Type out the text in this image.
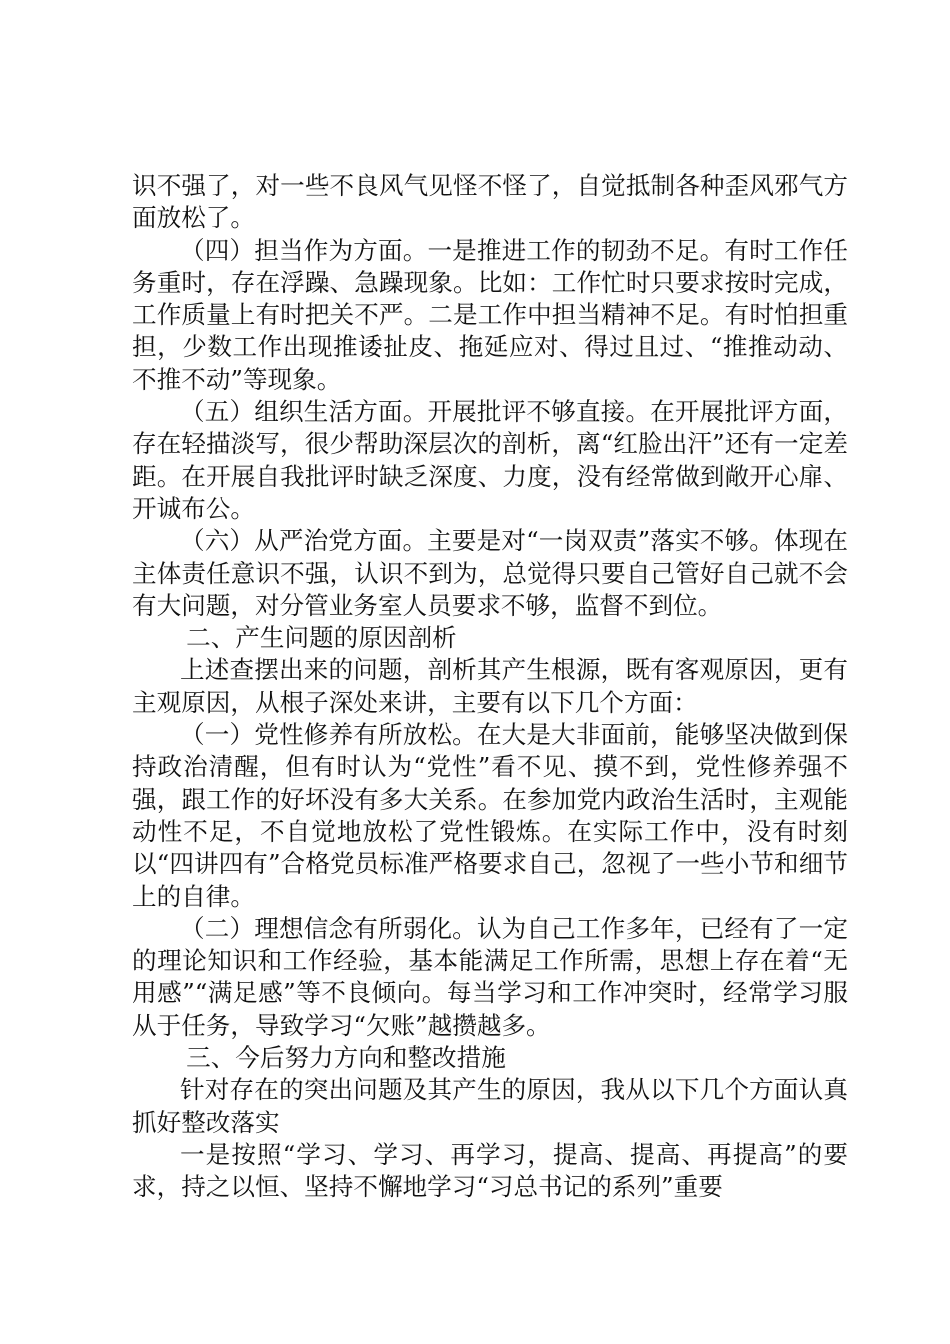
识不强了，对一些不良风气见怪不怪了，自觉抵制各种歪风邪气方面放松了。

（四）担当作为方面。一是推进工作的韧劲不足。有时工作任务重时，存在浮躁、急躁现象。比如：工作忙时只要求按时完成，工作质量上有时把关不严。二是工作中担当精神不足。有时怕担重担，少数工作出现推诿扯皮、拖延应对、得过且过、“推推动动、不推不动”等现象。

（五）组织生活方面。开展批评不够直接。在开展批评方面，存在轻描淡写，很少帮助深层次的剖析，离“红脸出汗”还有一定差距。在开展自我批评时缺乏深度、力度，没有经常做到敞开心扉、开诚布公。

（六）从严治党方面。主要是对“一岗双责”落实不够。体现在主体责任意识不强，认识不到为，总觉得只要自己管好自己就不会有大问题，对分管业务室人员要求不够，监督不到位。

二、产生问题的原因剖析

上述查摆出来的问题，剖析其产生根源，既有客观原因，更有主观原因，从根子深处来讲，主要有以下几个方面：

（一）党性修养有所放松。在大是大非面前，能够坚决做到保持政治清醒，但有时认为“党性”看不见、摸不到，党性修养强不强，跟工作的好坏没有多大关系。在参加党内政治生活时，主观能动性不足，不自觉地放松了党性锻炼。在实际工作中，没有时刻以“四讲四有”合格党员标准严格要求自己，忽视了一些小节和细节上的自律。

（二）理想信念有所弱化。认为自己工作多年，已经有了一定的理论知识和工作经验，基本能满足工作所需，思想上存在着“无用感”“满足感”等不良倾向。每当学习和工作冲突时，经常学习服从于任务，导致学习“欠账”越攒越多。

三、今后努力方向和整改措施

针对存在的突出问题及其产生的原因，我从以下几个方面认真抓好整改落实

一是按照“学习、学习、再学习，提高、提高、再提高”的要求，持之以恒、坚持不懈地学习“习总书记的系列”重要
